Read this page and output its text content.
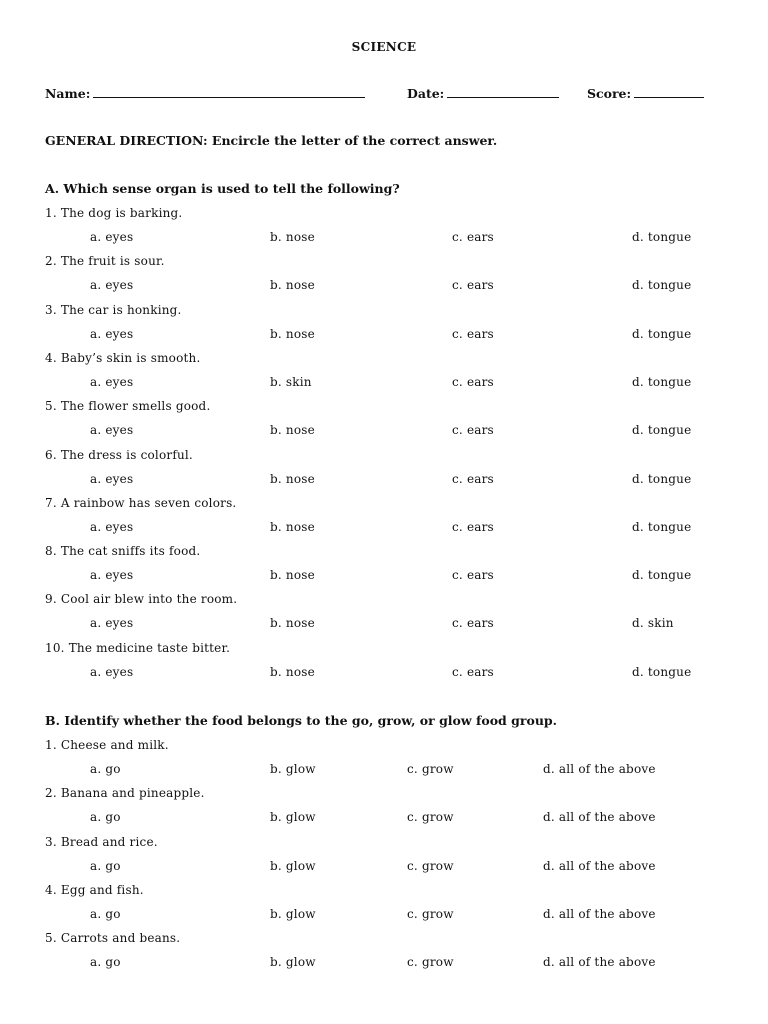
SCIENCE
Name:	Date:	Score:
GENERAL DIRECTION: Encircle the letter of the correct answer.
A. Which sense organ is used to tell the following?
1. The dog is barking.
a. eyes	b. nose	c. ears	d. tongue
2. The fruit is sour.
a. eyes	b. nose	c. ears	d. tongue
3. The car is honking.
a. eyes	b. nose	c. ears	d. tongue
4. Baby’s skin is smooth.
a. eyes	b. skin	c. ears	d. tongue
5. The flower smells good.
a. eyes	b. nose	c. ears	d. tongue
6. The dress is colorful.
a. eyes	b. nose	c. ears	d. tongue
7. A rainbow has seven colors.
a. eyes	b. nose	c. ears	d. tongue
8. The cat sniffs its food.
a. eyes	b. nose	c. ears	d. tongue
9. Cool air blew into the room.
a. eyes	b. nose	c. ears	d. skin
10. The medicine taste bitter.
a. eyes	b. nose	c. ears	d. tongue
B. Identify whether the food belongs to the go, grow, or glow food group.
1. Cheese and milk.
a. go	b. glow	c. grow	d. all of the above
2. Banana and pineapple.
a. go	b. glow	c. grow	d. all of the above
3. Bread and rice.
a. go	b. glow	c. grow	d. all of the above
4. Egg and fish.
a. go	b. glow	c. grow	d. all of the above
5. Carrots and beans.
a. go	b. glow	c. grow	d. all of the above
